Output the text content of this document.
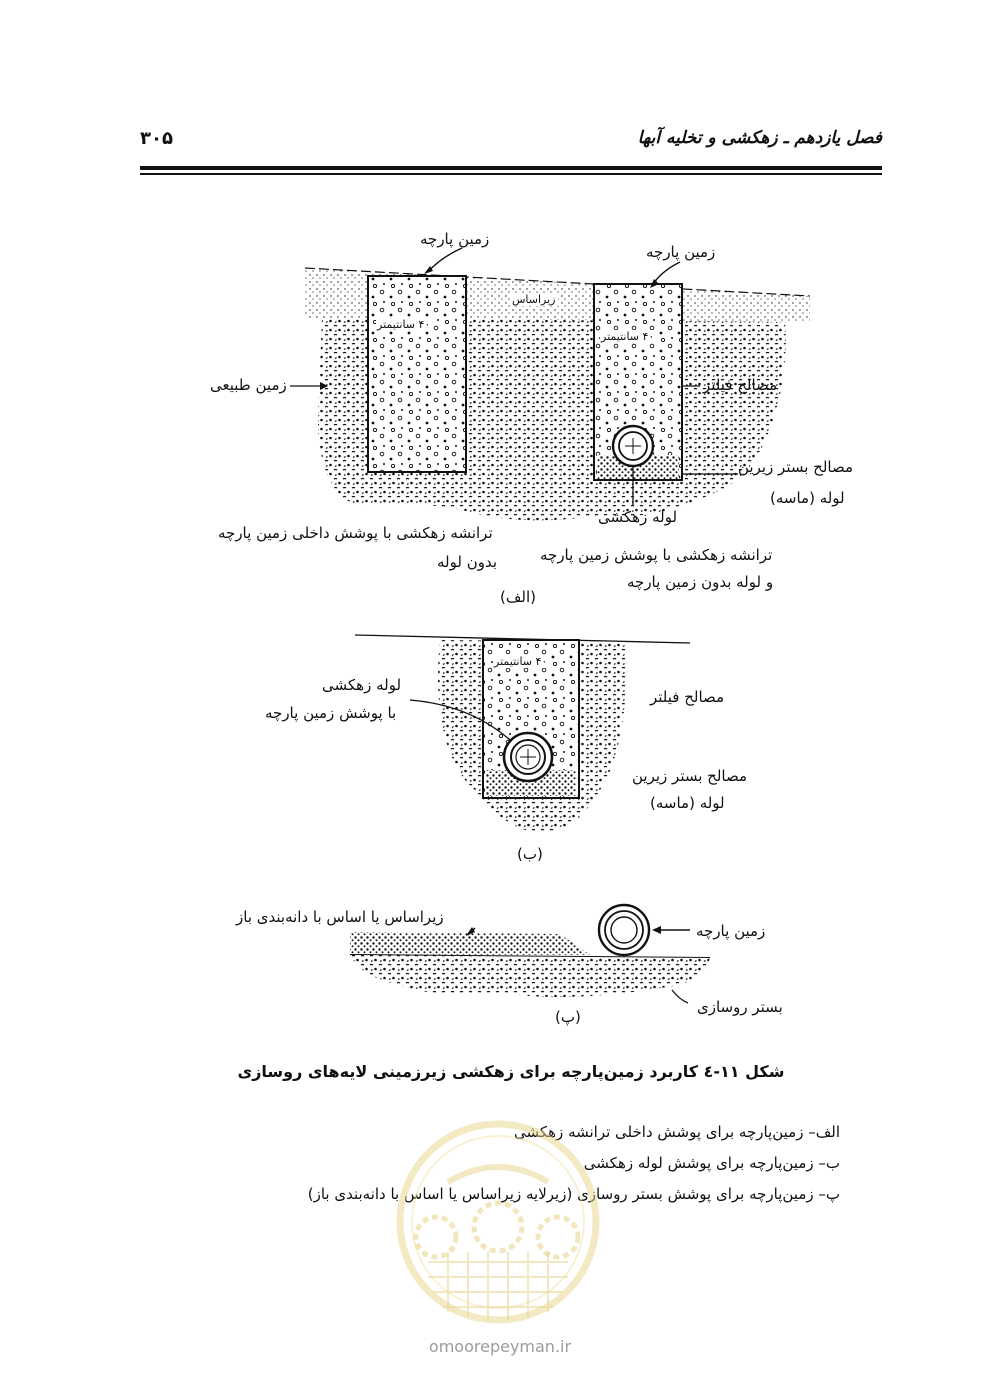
فصل یازدهم ـ زهکشی و تخلیه آبها
۳۰۵
زمین پارچه
زمین پارچه
زیراساس
۴۰ سانتیمتر
۴۰ سانتیمتر
زمین طبیعی	مصالح فیلتر
مصالح بستر زیرین
لوله (ماسه)
لوله زهکشی
ترانشه زهکشی با پوشش داخلی زمین پارچه
بدون لوله	ترانشه زهکشی با پوشش زمین پارچه
و لوله بدون زمین پارچه
(الف)
۴۰ سانتیمتر
لوله زهکشی
با پوشش زمین پارچه
مصالح فیلتر
مصالح بستر زیرین
لوله (ماسه)
(ب)
زیراساس یا اساس با دانه‌بندی باز
زمین پارچه
بستر روسازی
(پ)
شکل ۱۱-٤ کاربرد زمین‌پارچه برای زهکشی زیرزمینی لایه‌های روسازی
الف– زمین‌پارچه برای پوشش داخلی ترانشه زهکشی
ب– زمین‌پارچه برای پوشش لوله زهکشی
پ– زمین‌پارچه برای پوشش بستر روسازی (زیرلایه زیراساس یا اساس با دانه‌بندی باز)
omoorepeyman.ir
